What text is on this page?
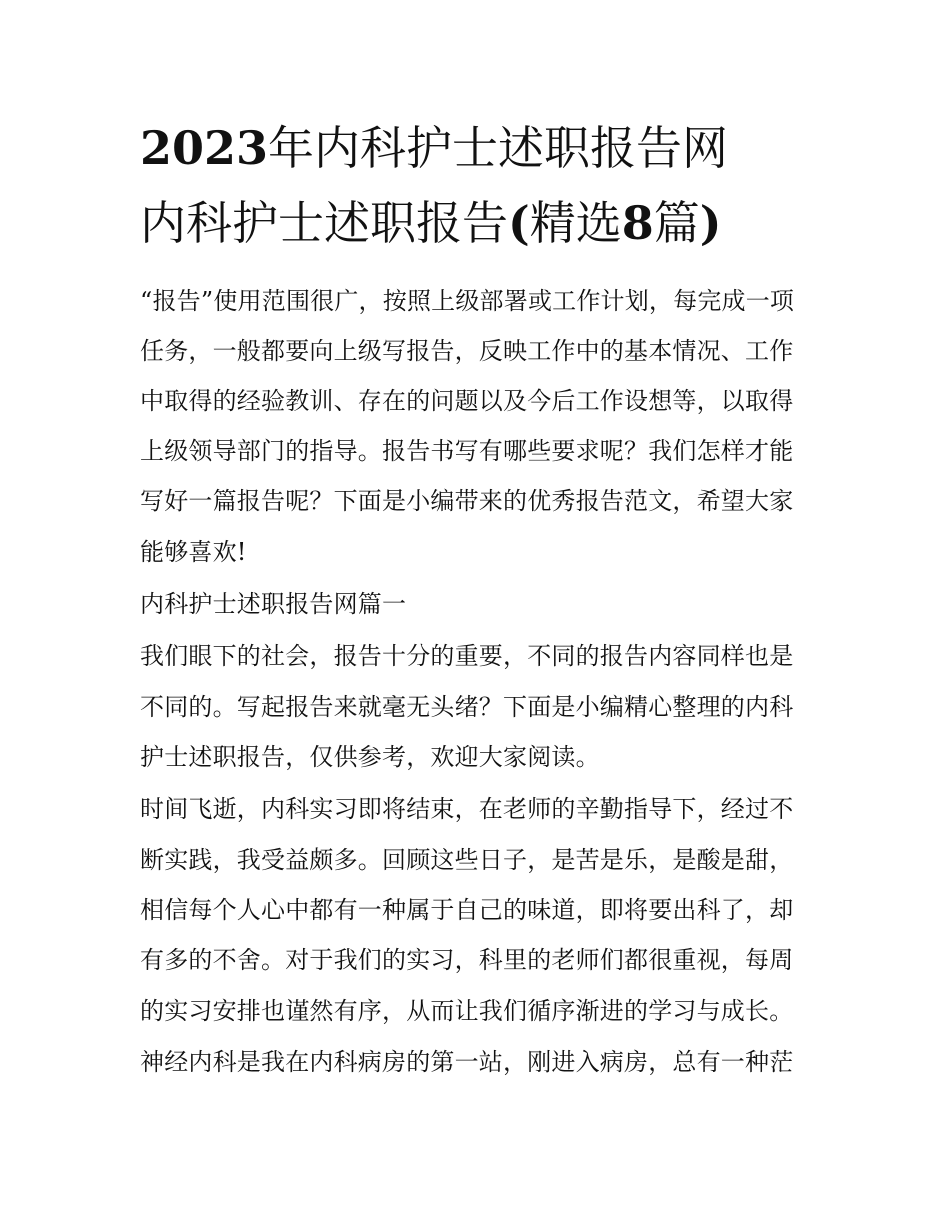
2023年内科护士述职报告网
内科护士述职报告(精选8篇)

“报告”使用范围很广，按照上级部署或工作计划，每完成一项

任务，一般都要向上级写报告，反映工作中的基本情况、工作

中取得的经验教训、存在的问题以及今后工作设想等，以取得

上级领导部门的指导。报告书写有哪些要求呢？我们怎样才能

写好一篇报告呢？下面是小编带来的优秀报告范文，希望大家

能够喜欢!

内科护士述职报告网篇一

我们眼下的社会，报告十分的重要，不同的报告内容同样也是

不同的。写起报告来就毫无头绪？下面是小编精心整理的内科

护士述职报告，仅供参考，欢迎大家阅读。

时间飞逝，内科实习即将结束，在老师的辛勤指导下，经过不

断实践，我受益颇多。回顾这些日子，是苦是乐，是酸是甜，

相信每个人心中都有一种属于自己的味道，即将要出科了，却

有多的不舍。对于我们的实习，科里的老师们都很重视，每周

的实习安排也谨然有序，从而让我们循序渐进的学习与成长。

神经内科是我在内科病房的第一站，刚进入病房，总有一种茫
